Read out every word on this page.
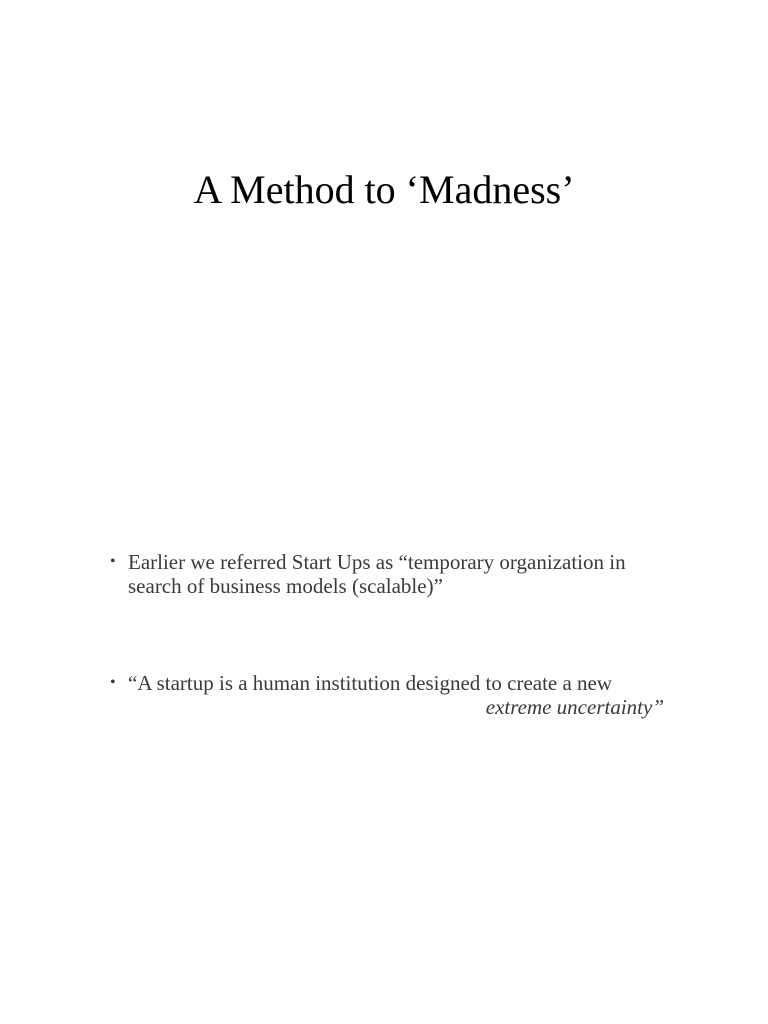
A Method to ‘Madness’
• Earlier we referred Start Ups as “temporary organization in
search of business models (scalable)”
• “A startup is a human institution designed to create a new
extreme uncertainty”
